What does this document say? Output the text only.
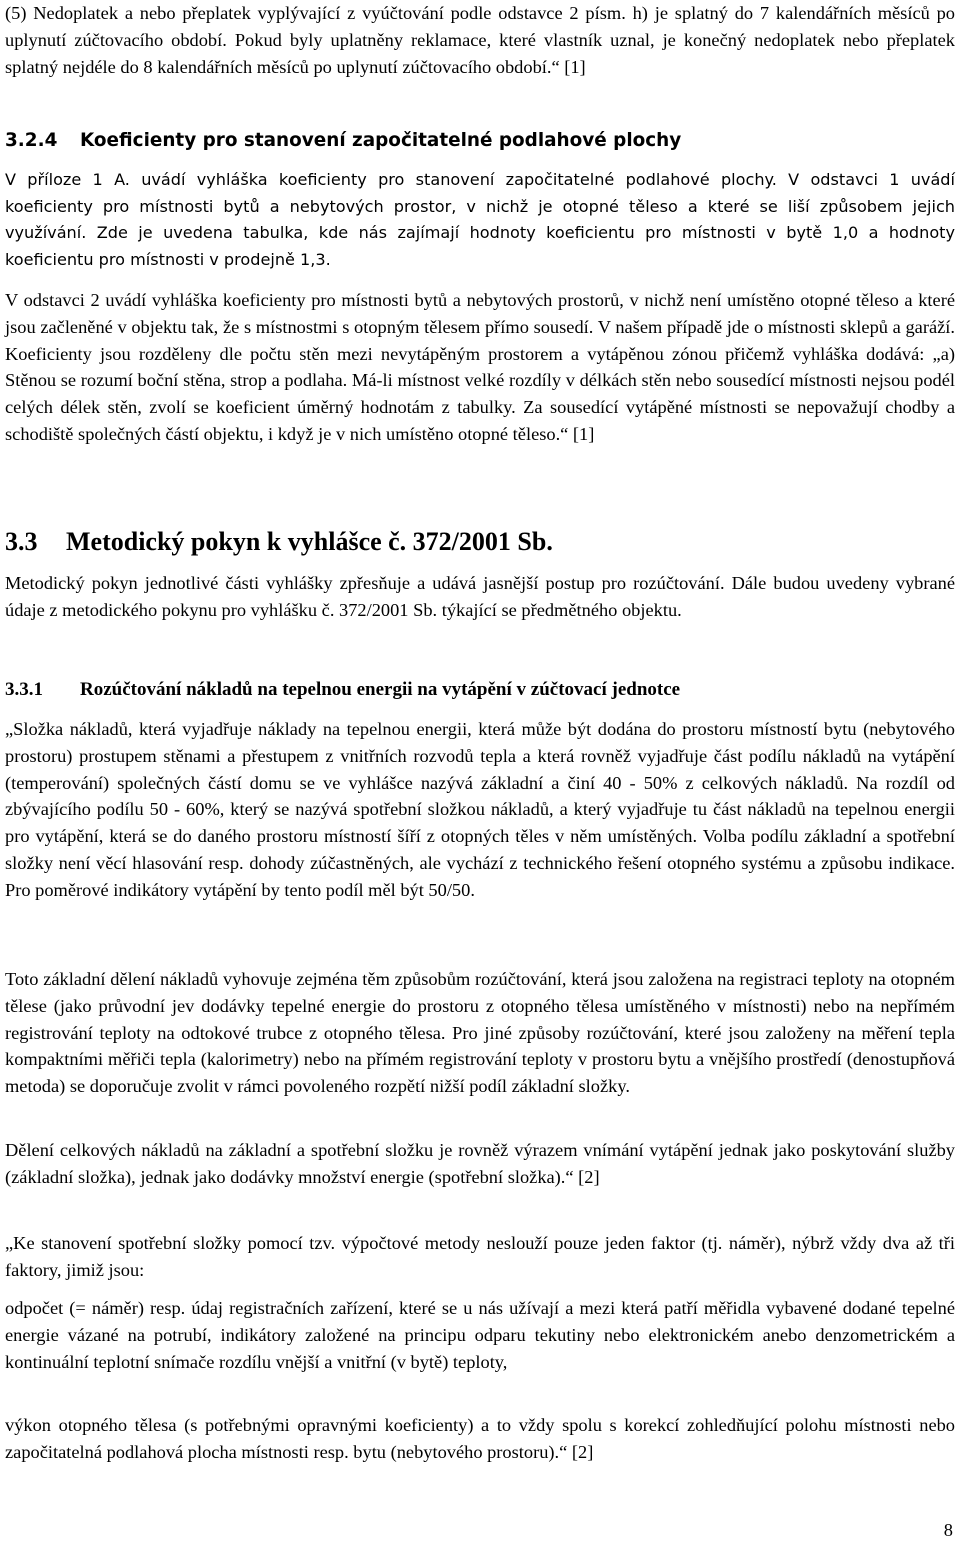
(5) Nedoplatek a nebo přeplatek vyplývající z vyúčtování podle odstavce 2 písm. h) je splatný do 7 kalendářních měsíců po uplynutí zúčtovacího období. Pokud byly uplatněny reklamace, které vlastník uznal, je konečný nedoplatek nebo přeplatek splatný nejdéle do 8 kalendářních měsíců po uplynutí zúčtovacího období.“ [1]

3.2.4 Koeficienty pro stanovení započitatelné podlahové plochy

V příloze 1 A. uvádí vyhláška koeficienty pro stanovení započitatelné podlahové plochy. V odstavci 1 uvádí koeficienty pro místnosti bytů a nebytových prostor, v nichž je otopné těleso a které se liší způsobem jejich využívání. Zde je uvedena tabulka, kde nás zajímají hodnoty koeficientu pro místnosti v bytě 1,0 a hodnoty koeficientu pro místnosti v prodejně 1,3.

V odstavci 2 uvádí vyhláška koeficienty pro místnosti bytů a nebytových prostorů, v nichž není umístěno otopné těleso a které jsou začleněné v objektu tak, že s místnostmi s otopným tělesem přímo sousedí. V našem případě jde o místnosti sklepů a garáží. Koeficienty jsou rozděleny dle počtu stěn mezi nevytápěným prostorem a vytápěnou zónou přičemž vyhláška dodává: „a) Stěnou se rozumí boční stěna, strop a podlaha. Má-li místnost velké rozdíly v délkách stěn nebo sousedící místnosti nejsou podél celých délek stěn, zvolí se koeficient úměrný hodnotám z tabulky. Za sousedící vytápěné místnosti se nepovažují chodby a schodiště společných částí objektu, i když je v nich umístěno otopné těleso.“ [1]

3.3 Metodický pokyn k vyhlášce č. 372/2001 Sb.

Metodický pokyn jednotlivé části vyhlášky zpřesňuje a udává jasnější postup pro rozúčtování. Dále budou uvedeny vybrané údaje z metodického pokynu pro vyhlášku č. 372/2001 Sb. týkající se předmětného objektu.

3.3.1 Rozúčtování nákladů na tepelnou energii na vytápění v zúčtovací jednotce

„Složka nákladů, která vyjadřuje náklady na tepelnou energii, která může být dodána do prostoru místností bytu (nebytového prostoru) prostupem stěnami a přestupem z vnitřních rozvodů tepla a která rovněž vyjadřuje část podílu nákladů na vytápění (temperování) společných částí domu se ve vyhlášce nazývá základní a činí 40 - 50% z celkových nákladů. Na rozdíl od zbývajícího podílu 50 - 60%, který se nazývá spotřební složkou nákladů, a který vyjadřuje tu část nákladů na tepelnou energii pro vytápění, která se do daného prostoru místností šíří z otopných těles v něm umístěných. Volba podílu základní a spotřební složky není věcí hlasování resp. dohody zúčastněných, ale vychází z technického řešení otopného systému a způsobu indikace. Pro poměrové indikátory vytápění by tento podíl měl být 50/50.

Toto základní dělení nákladů vyhovuje zejména těm způsobům rozúčtování, která jsou založena na registraci teploty na otopném tělese (jako průvodní jev dodávky tepelné energie do prostoru z otopného tělesa umístěného v místnosti) nebo na nepřímém registrování teploty na odtokové trubce z otopného tělesa. Pro jiné způsoby rozúčtování, které jsou založeny na měření tepla kompaktními měřiči tepla (kalorimetry) nebo na přímém registrování teploty v prostoru bytu a vnějšího prostředí (denostupňová metoda) se doporučuje zvolit v rámci povoleného rozpětí nižší podíl základní složky.

Dělení celkových nákladů na základní a spotřební složku je rovněž výrazem vnímání vytápění jednak jako poskytování služby (základní složka), jednak jako dodávky množství energie (spotřební složka).“ [2]

„Ke stanovení spotřební složky pomocí tzv. výpočtové metody neslouží pouze jeden faktor (tj. náměr), nýbrž vždy dva až tři faktory, jimiž jsou:

odpočet (= náměr) resp. údaj registračních zařízení, které se u nás užívají a mezi která patří měřidla vybavené dodané tepelné energie vázané na potrubí, indikátory založené na principu odparu tekutiny nebo elektronickém anebo denzometrickém a kontinuální teplotní snímače rozdílu vnější a vnitřní (v bytě) teploty,

výkon otopného tělesa (s potřebnými opravnými koeficienty) a to vždy spolu s korekcí zohledňující polohu místnosti nebo započitatelná podlahová plocha místnosti resp. bytu (nebytového prostoru).“ [2]

8
